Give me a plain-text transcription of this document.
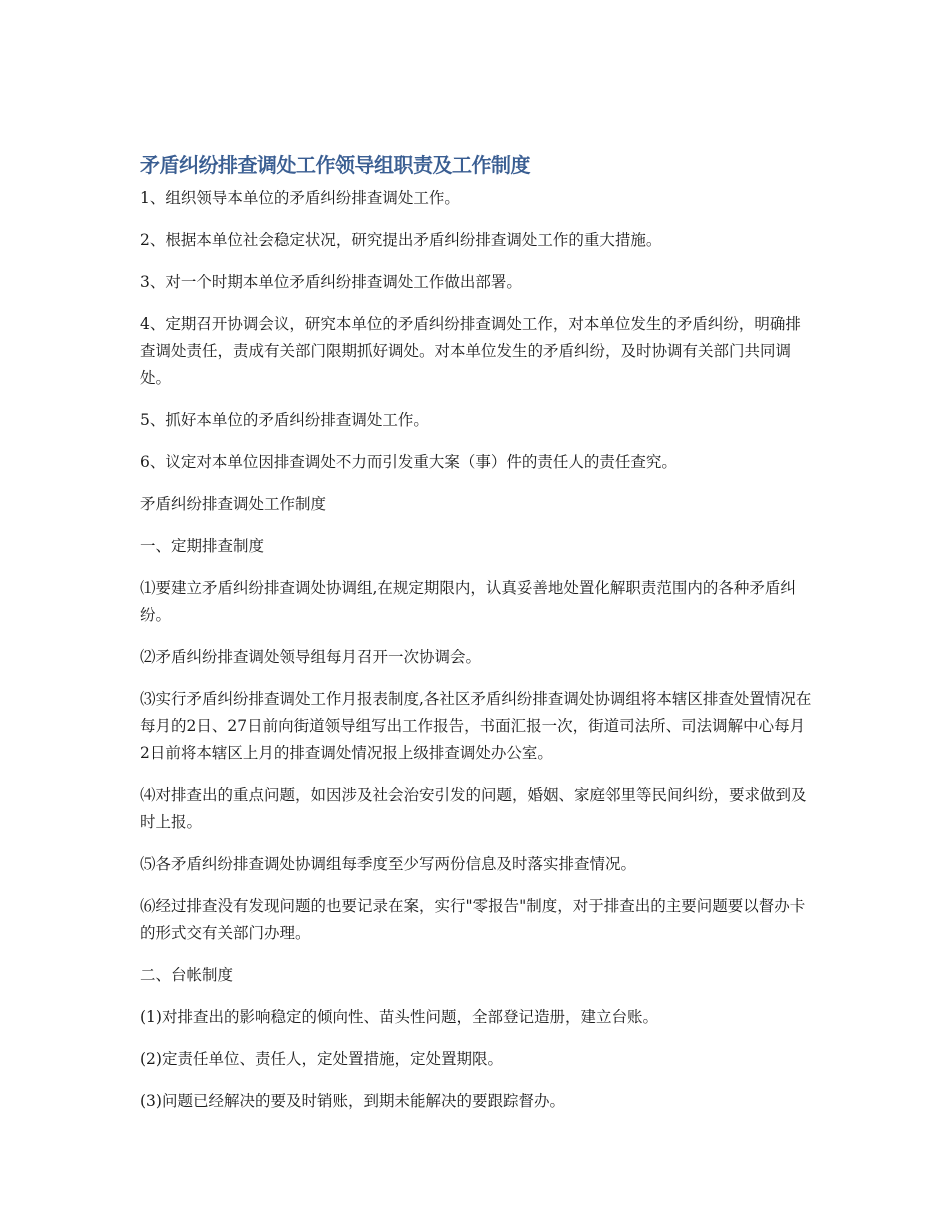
矛盾纠纷排查调处工作领导组职责及工作制度

1、组织领导本单位的矛盾纠纷排查调处工作。

2、根据本单位社会稳定状况，研究提出矛盾纠纷排查调处工作的重大措施。

3、对一个时期本单位矛盾纠纷排查调处工作做出部署。

4、定期召开协调会议，研究本单位的矛盾纠纷排查调处工作，对本单位发生的矛盾纠纷，明确排查调处责任，责成有关部门限期抓好调处。对本单位发生的矛盾纠纷，及时协调有关部门共同调处。

5、抓好本单位的矛盾纠纷排查调处工作。

6、议定对本单位因排查调处不力而引发重大案（事）件的责任人的责任查究。

矛盾纠纷排查调处工作制度

一、定期排查制度

⑴要建立矛盾纠纷排查调处协调组,在规定期限内，认真妥善地处置化解职责范围内的各种矛盾纠纷。

⑵矛盾纠纷排查调处领导组每月召开一次协调会。

⑶实行矛盾纠纷排查调处工作月报表制度,各社区矛盾纠纷排查调处协调组将本辖区排查处置情况在每月的2日、27日前向街道领导组写出工作报告，书面汇报一次，街道司法所、司法调解中心每月2日前将本辖区上月的排查调处情况报上级排查调处办公室。

⑷对排查出的重点问题，如因涉及社会治安引发的问题，婚姻、家庭邻里等民间纠纷，要求做到及时上报。

⑸各矛盾纠纷排查调处协调组每季度至少写两份信息及时落实排查情况。

⑹经过排查没有发现问题的也要记录在案，实行"零报告"制度，对于排查出的主要问题要以督办卡的形式交有关部门办理。

二、台帐制度

(1)对排查出的影响稳定的倾向性、苗头性问题，全部登记造册，建立台账。

(2)定责任单位、责任人，定处置措施，定处置期限。

(3)问题已经解决的要及时销账，到期未能解决的要跟踪督办。
